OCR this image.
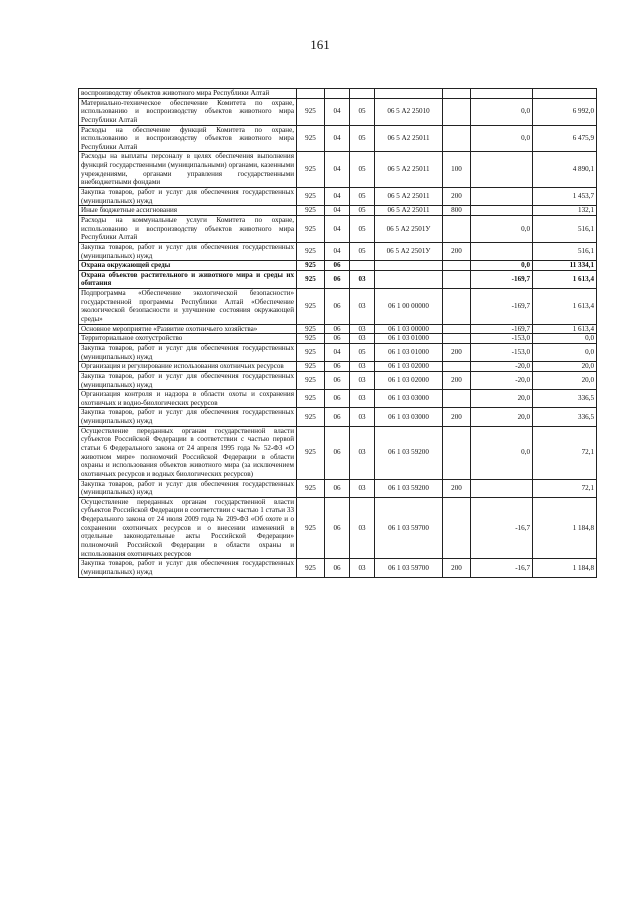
161
воспроизводству объектов животного мира Республики Алтай							
Материально-техническое обеспечение Комитета по охране, использованию и воспроизводству объектов животного мира Республики Алтай	925	04	05	06 5 А2 25010		0,0	6 992,0
Расходы на обеспечение функций Комитета по охране, использованию и воспроизводству объектов животного мира Республики Алтай	925	04	05	06 5 А2 25011		0,0	6 475,9
Расходы на выплаты персоналу в целях обеспечения выполнения функций государственными (муниципальными) органами, казенными учреждениями, органами управления государственными внебюджетными фондами	925	04	05	06 5 А2 25011	100		4 890,1
Закупка товаров, работ и услуг для обеспечения государственных (муниципальных) нужд	925	04	05	06 5 А2 25011	200		1 453,7
Иные бюджетные ассигнования	925	04	05	06 5 А2 25011	800		132,1
Расходы на коммунальные услуги Комитета по охране, использованию и воспроизводству объектов животного мира Республики Алтай	925	04	05	06 5 А2 2501У		0,0	516,1
Закупка товаров, работ и услуг для обеспечения государственных (муниципальных) нужд	925	04	05	06 5 А2 2501У	200		516,1
Охрана окружающей среды	925	06				0,0	11 334,1
Охрана объектов растительного и животного мира и среды их обитания	925	06	03			-169,7	1 613,4
Подпрограмма «Обеспечение экологической безопасности» государственной программы Республики Алтай «Обеспечение экологической безопасности и улучшение состояния окружающей среды»	925	06	03	06 1 00 00000		-169,7	1 613,4
Основное мероприятие «Развитие охотничьего хозяйства»	925	06	03	06 1 03 00000		-169,7	1 613,4
Территориальное охотустройство	925	06	03	06 1 03 01000		-153,0	0,0
Закупка товаров, работ и услуг для обеспечения государственных (муниципальных) нужд	925	04	05	06 1 03 01000	200	-153,0	0,0
Организация и регулирование использования охотничьих ресурсов	925	06	03	06 1 03 02000		-20,0	20,0
Закупка товаров, работ и услуг для обеспечения государственных (муниципальных) нужд	925	06	03	06 1 03 02000	200	-20,0	20,0
Организация контроля и надзора в области охоты и сохранения охотничьих и водно-биологических ресурсов	925	06	03	06 1 03 03000		20,0	336,5
Закупка товаров, работ и услуг для обеспечения государственных (муниципальных) нужд	925	06	03	06 1 03 03000	200	20,0	336,5
Осуществление переданных органам государственной власти субъектов Российской Федерации в соответствии с частью первой статьи 6 Федерального закона от 24 апреля 1995 года № 52-ФЗ «О животном мире» полномочий Российской Федерации в области охраны и использования объектов животного мира (за исключением охотничьих ресурсов и водных биологических ресурсов)	925	06	03	06 1 03 59200		0,0	72,1
Закупка товаров, работ и услуг для обеспечения государственных (муниципальных) нужд	925	06	03	06 1 03 59200	200		72,1
Осуществление переданных органам государственной власти субъектов Российской Федерации в соответствии с частью 1 статьи 33 Федерального закона от 24 июля 2009 года № 209-ФЗ «Об охоте и о сохранении охотничьих ресурсов и о внесении изменений в отдельные законодательные акты Российской Федерации» полномочий Российской Федерации в области охраны и использования охотничьих ресурсов	925	06	03	06 1 03 59700		-16,7	1 184,8
Закупка товаров, работ и услуг для обеспечения государственных (муниципальных) нужд	925	06	03	06 1 03 59700	200	-16,7	1 184,8
